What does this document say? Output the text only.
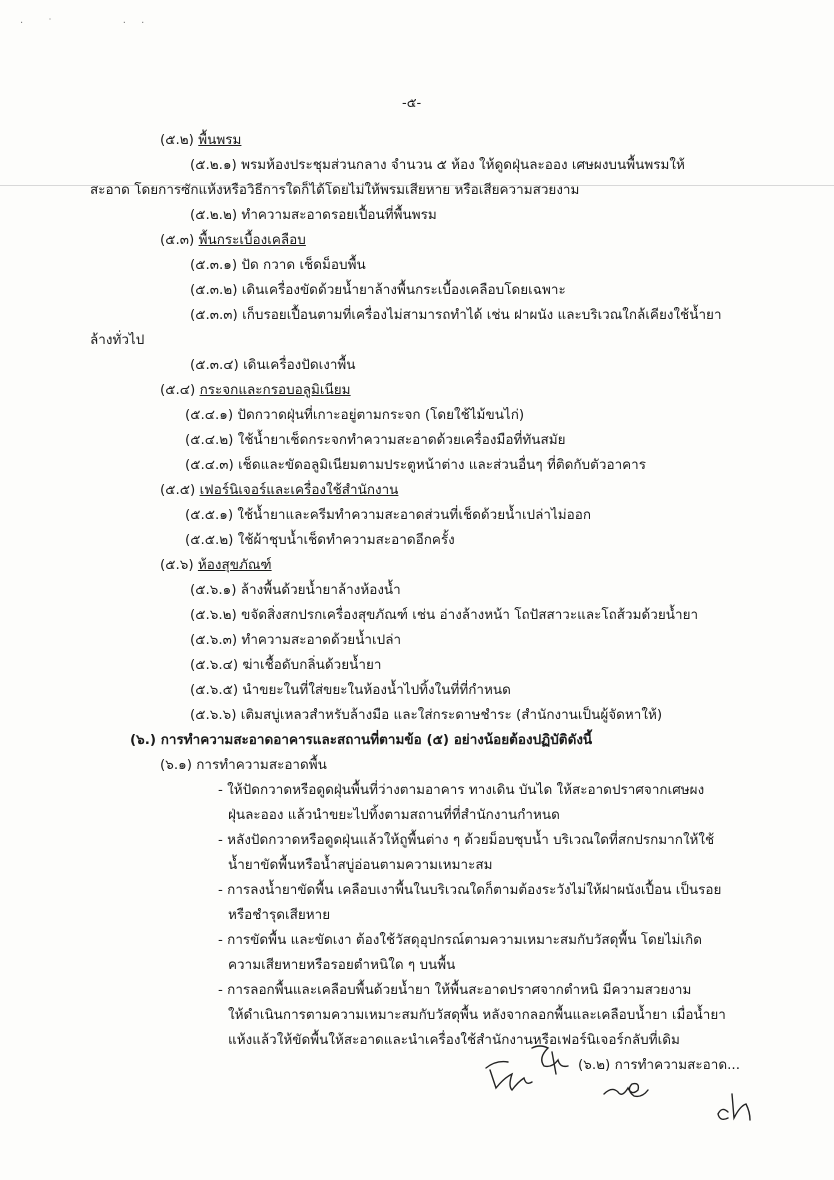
·  ˙       · ·
-๕-
(๕.๒) พื้นพรม
(๕.๒.๑) พรมห้องประชุมส่วนกลาง จำนวน ๕ ห้อง ให้ดูดฝุ่นละออง เศษผงบนพื้นพรมให้
สะอาด โดยการซักแห้งหรือวิธีการใดก็ได้โดยไม่ให้พรมเสียหาย หรือเสียความสวยงาม
(๕.๒.๒) ทำความสะอาดรอยเปื้อนที่พื้นพรม
(๕.๓) พื้นกระเบื้องเคลือบ
(๕.๓.๑) ปัด กวาด เช็ดม็อบพื้น
(๕.๓.๒) เดินเครื่องขัดด้วยน้ำยาล้างพื้นกระเบื้องเคลือบโดยเฉพาะ
(๕.๓.๓) เก็บรอยเปื้อนตามที่เครื่องไม่สามารถทำได้ เช่น ฝาผนัง และบริเวณใกล้เคียงใช้น้ำยา
ล้างทั่วไป
(๕.๓.๔) เดินเครื่องปัดเงาพื้น
(๕.๔) กระจกและกรอบอลูมิเนียม
(๕.๔.๑) ปัดกวาดฝุ่นที่เกาะอยู่ตามกระจก (โดยใช้ไม้ขนไก่)
(๕.๔.๒) ใช้น้ำยาเช็ดกระจกทำความสะอาดด้วยเครื่องมือที่ทันสมัย
(๕.๔.๓) เช็ดและขัดอลูมิเนียมตามประตูหน้าต่าง และส่วนอื่นๆ ที่ติดกับตัวอาคาร
(๕.๕) เฟอร์นิเจอร์และเครื่องใช้สำนักงาน
(๕.๕.๑) ใช้น้ำยาและครีมทำความสะอาดส่วนที่เช็ดด้วยน้ำเปล่าไม่ออก
(๕.๕.๒) ใช้ผ้าชุบน้ำเช็ดทำความสะอาดอีกครั้ง
(๕.๖) ห้องสุขภัณฑ์
(๕.๖.๑) ล้างพื้นด้วยน้ำยาล้างห้องน้ำ
(๕.๖.๒) ขจัดสิ่งสกปรกเครื่องสุขภัณฑ์ เช่น อ่างล้างหน้า โถปัสสาวะและโถส้วมด้วยน้ำยา
(๕.๖.๓) ทำความสะอาดด้วยน้ำเปล่า
(๕.๖.๔) ฆ่าเชื้อดับกลิ่นด้วยน้ำยา
(๕.๖.๕) นำขยะในที่ใส่ขยะในห้องน้ำไปทิ้งในที่ที่กำหนด
(๕.๖.๖) เติมสบู่เหลวสำหรับล้างมือ และใส่กระดาษชำระ (สำนักงานเป็นผู้จัดหาให้)
(๖.) การทำความสะอาดอาคารและสถานที่ตามข้อ (๕) อย่างน้อยต้องปฏิบัติดังนี้
(๖.๑) การทำความสะอาดพื้น
- ให้ปัดกวาดหรือดูดฝุ่นพื้นที่ว่างตามอาคาร ทางเดิน บันได ให้สะอาดปราศจากเศษผง
ฝุ่นละออง แล้วนำขยะไปทิ้งตามสถานที่ที่สำนักงานกำหนด
- หลังปัดกวาดหรือดูดฝุ่นแล้วให้ถูพื้นต่าง ๆ ด้วยม็อบชุบน้ำ บริเวณใดที่สกปรกมากให้ใช้
น้ำยาขัดพื้นหรือน้ำสบู่อ่อนตามความเหมาะสม
- การลงน้ำยาขัดพื้น เคลือบเงาพื้นในบริเวณใดก็ตามต้องระวังไม่ให้ฝาผนังเปื้อน เป็นรอย
หรือชำรุดเสียหาย
- การขัดพื้น และขัดเงา ต้องใช้วัสดุอุปกรณ์ตามความเหมาะสมกับวัสดุพื้น โดยไม่เกิด
ความเสียหายหรือรอยตำหนิใด ๆ บนพื้น
- การลอกพื้นและเคลือบพื้นด้วยน้ำยา ให้พื้นสะอาดปราศจากตำหนิ มีความสวยงาม
ให้ดำเนินการตามความเหมาะสมกับวัสดุพื้น หลังจากลอกพื้นและเคลือบน้ำยา เมื่อน้ำยา
แห้งแล้วให้ขัดพื้นให้สะอาดและนำเครื่องใช้สำนักงานหรือเฟอร์นิเจอร์กลับที่เดิม
(๖.๒) การทำความสะอาด...
